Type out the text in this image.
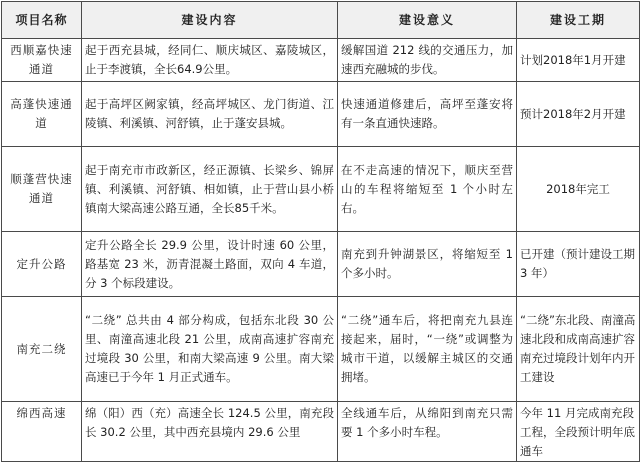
项目名称	建设内容	建设意义	建设工期
西顺嘉快速通道	起于西充县城，经同仁、顺庆城区、嘉陵城区，止于李渡镇，全长64.9公里。	缓解国道 212 线的交通压力，加速西充融城的步伐。	计划2018年1月开建
高蓬快速通道	起于高坪区阙家镇，经高坪城区、龙门街道、江陵镇、利溪镇、河舒镇，止于蓬安县城。	快速通道修建后，高坪至蓬安将有一条直通快速路。	预计2018年2月开建
顺蓬营快速通道	起于南充市市政新区，经正源镇、长梁乡、锦屏镇、利溪镇、河舒镇、相如镇，止于营山县小桥镇南大梁高速公路互通，全长85千米。	在不走高速的情况下，顺庆至营山的车程将缩短至 1 个小时左右。	2018年完工
定升公路	定升公路全长 29.9 公里，设计时速 60 公里，路基宽 23 米，沥青混凝土路面，双向 4 车道，分 3 个标段建设。	南充到升钟湖景区，将缩短至 1 个多小时。	已开建（预计建设工期 3 年）
南充二绕	“二绕” 总共由 4 部分构成，包括东北段 30 公里、南潼高速北段 21 公里，成南高速扩容南充过境段 30 公里，和南大梁高速 9 公里。南大梁高速已于今年 1 月正式通车。	“二绕”通车后，将把南充九县连接起来，届时，“一绕”或调整为城市干道，以缓解主城区的交通拥堵。	“二绕”东北段、南潼高速北段和成南高速扩容南充过境段计划年内开工建设
绵西高速	绵（阳）西（充）高速全长 124.5 公里，南充段长 30.2 公里，其中西充县境内 29.6 公里	全线通车后，从绵阳到南充只需要 1 个多小时车程。	今年 11 月完成南充段工程，全段预计明年底通车
